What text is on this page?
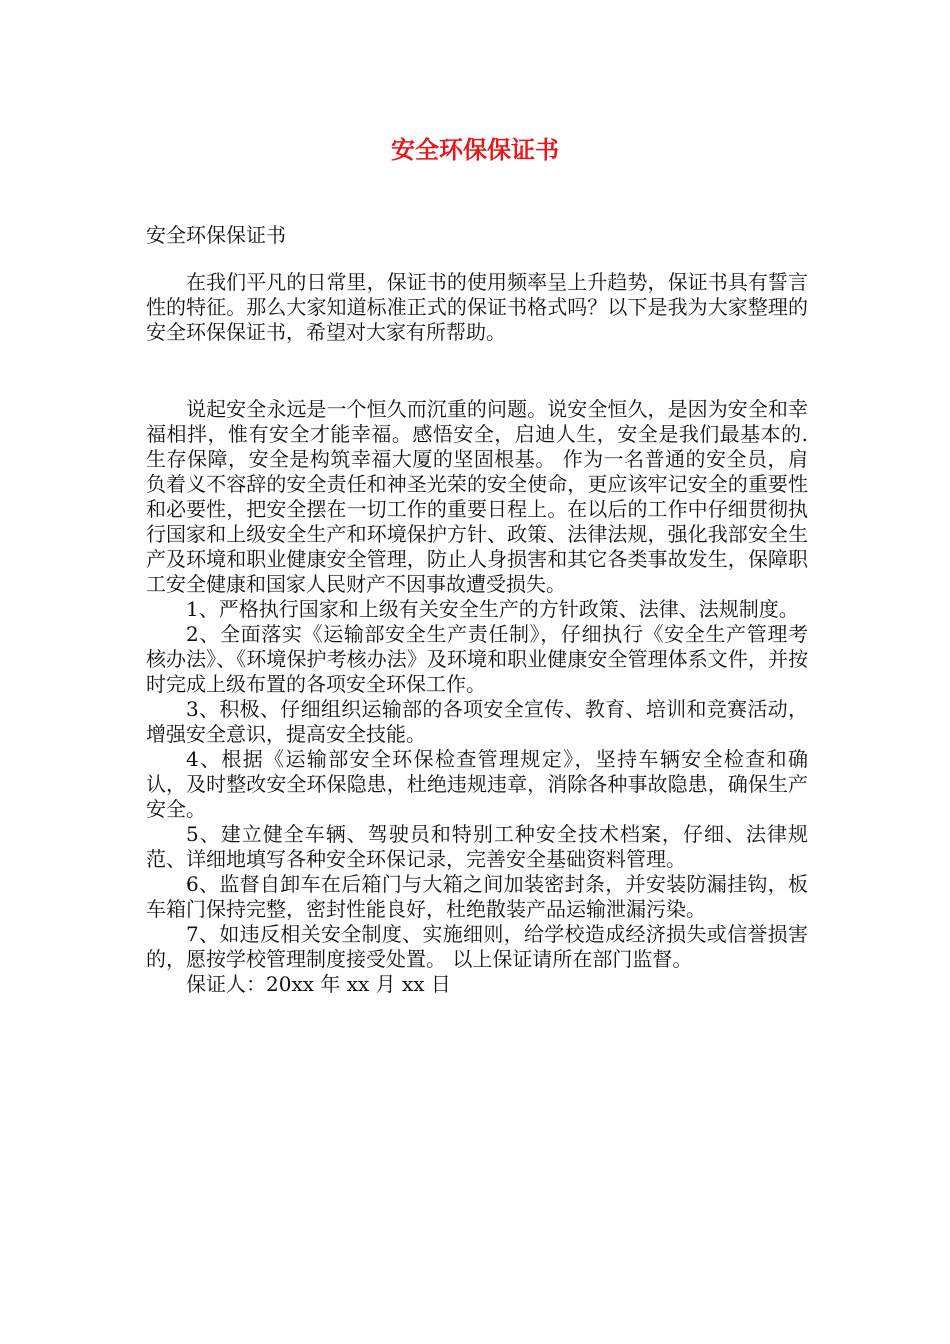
安全环保保证书
安全环保保证书

在我们平凡的日常里，保证书的使用频率呈上升趋势，保证书具有誓言性的特征。那么大家知道标准正式的保证书格式吗？以下是我为大家整理的安全环保保证书，希望对大家有所帮助。

说起安全永远是一个恒久而沉重的问题。说安全恒久，是因为安全和幸福相拌，惟有安全才能幸福。感悟安全，启迪人生，安全是我们最基本的.生存保障，安全是构筑幸福大厦的坚固根基。 作为一名普通的安全员，肩负着义不容辞的安全责任和神圣光荣的安全使命，更应该牢记安全的重要性和必要性，把安全摆在一切工作的重要日程上。在以后的工作中仔细贯彻执行国家和上级安全生产和环境保护方针、政策、法律法规，强化我部安全生产及环境和职业健康安全管理，防止人身损害和其它各类事故发生，保障职工安全健康和国家人民财产不因事故遭受损失。

1、严格执行国家和上级有关安全生产的方针政策、法律、法规制度。

2、全面落实《运输部安全生产责任制》，仔细执行《安全生产管理考核办法》、《环境保护考核办法》及环境和职业健康安全管理体系文件，并按时完成上级布置的各项安全环保工作。

3、积极、仔细组织运输部的各项安全宣传、教育、培训和竞赛活动，增强安全意识，提高安全技能。

4、根据《运输部安全环保检查管理规定》，坚持车辆安全检查和确认，及时整改安全环保隐患，杜绝违规违章，消除各种事故隐患，确保生产安全。

5、建立健全车辆、驾驶员和特别工种安全技术档案，仔细、法律规范、详细地填写各种安全环保记录，完善安全基础资料管理。

6、监督自卸车在后箱门与大箱之间加装密封条，并安装防漏挂钩，板车箱门保持完整，密封性能良好，杜绝散装产品运输泄漏污染。

7、如违反相关安全制度、实施细则，给学校造成经济损失或信誉损害的，愿按学校管理制度接受处置。 以上保证请所在部门监督。

保证人：20xx 年 xx 月 xx 日
